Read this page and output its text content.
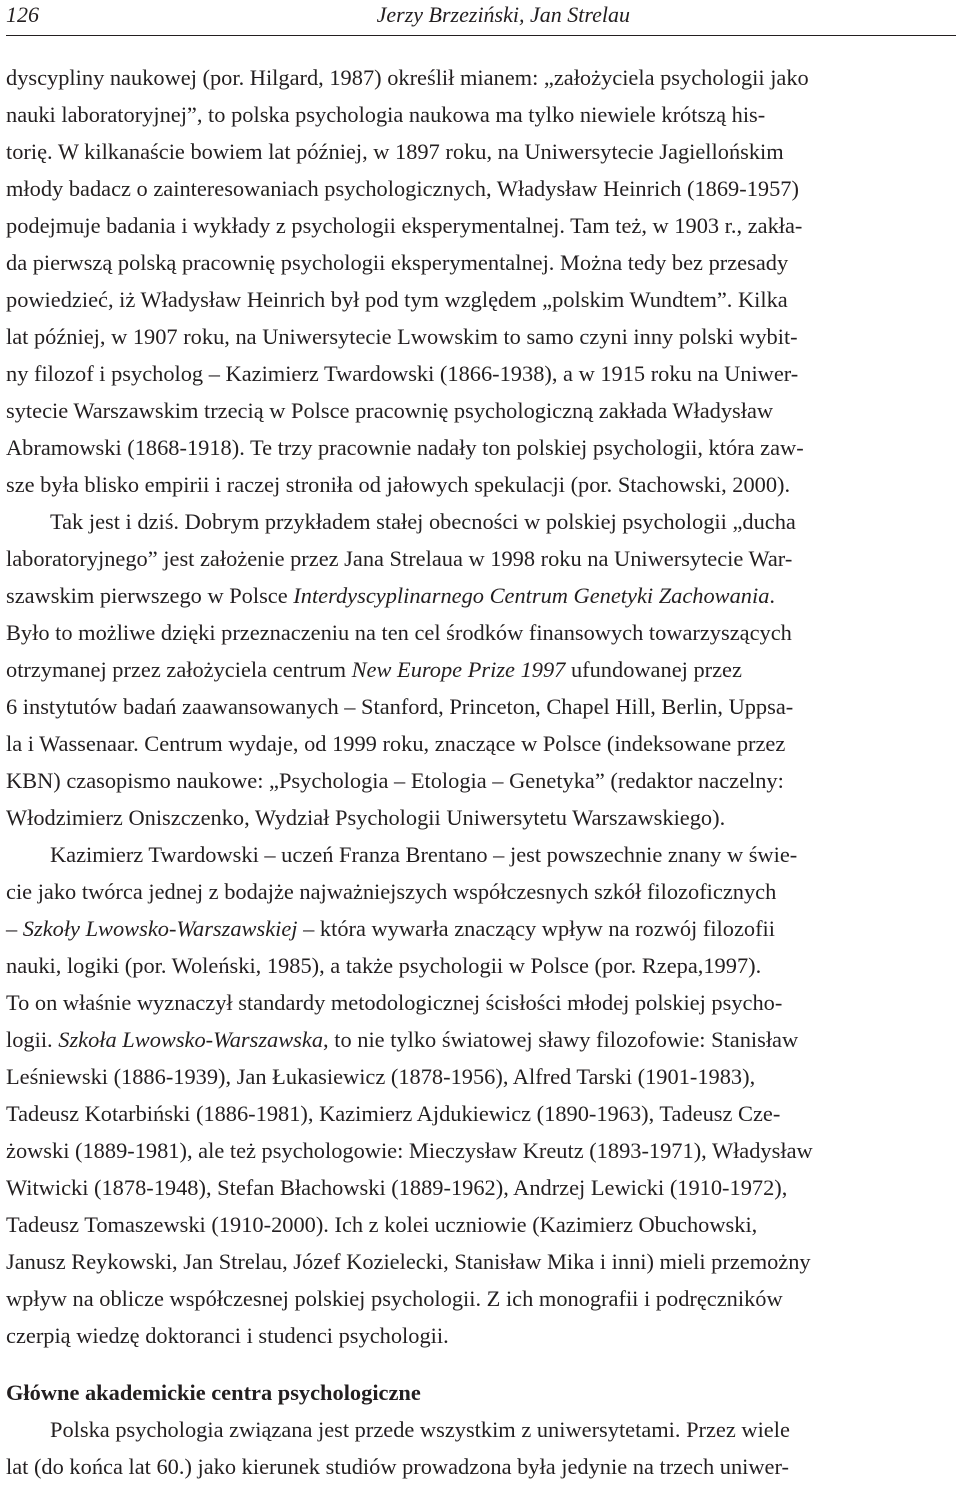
126	Jerzy Brzeziński, Jan Strelau
dyscypliny naukowej (por. Hilgard, 1987) określił mianem: „założyciela psychologii jako
nauki laboratoryjnej”, to polska psychologia naukowa ma tylko niewiele krótszą his-
torię. W kilkanaście bowiem lat później, w 1897 roku, na Uniwersytecie Jagiellońskim
młody badacz o zainteresowaniach psychologicznych, Władysław Heinrich (1869-1957)
podejmuje badania i wykłady z psychologii eksperymentalnej. Tam też, w 1903 r., zakła-
da pierwszą polską pracownię psychologii eksperymentalnej. Można tedy bez przesady
powiedzieć, iż Władysław Heinrich był pod tym względem „polskim Wundtem”. Kilka
lat później, w 1907 roku, na Uniwersytecie Lwowskim to samo czyni inny polski wybit-
ny filozof i psycholog – Kazimierz Twardowski (1866-1938), a w 1915 roku na Uniwer-
sytecie Warszawskim trzecią w Polsce pracownię psychologiczną zakłada Władysław
Abramowski (1868-1918). Te trzy pracownie nadały ton polskiej psychologii, która zaw-
sze była blisko empirii i raczej stroniła od jałowych spekulacji (por. Stachowski, 2000).
Tak jest i dziś. Dobrym przykładem stałej obecności w polskiej psychologii „ducha
laboratoryjnego” jest założenie przez Jana Strelaua w 1998 roku na Uniwersytecie War-
szawskim pierwszego w Polsce Interdyscyplinarnego Centrum Genetyki Zachowania.
Było to możliwe dzięki przeznaczeniu na ten cel środków finansowych towarzyszących
otrzymanej przez założyciela centrum New Europe Prize 1997 ufundowanej przez
6 instytutów badań zaawansowanych – Stanford, Princeton, Chapel Hill, Berlin, Uppsa-
la i Wassenaar. Centrum wydaje, od 1999 roku, znaczące w Polsce (indeksowane przez
KBN) czasopismo naukowe: „Psychologia – Etologia – Genetyka” (redaktor naczelny:
Włodzimierz Oniszczenko, Wydział Psychologii Uniwersytetu Warszawskiego).
Kazimierz Twardowski – uczeń Franza Brentano – jest powszechnie znany w świe-
cie jako twórca jednej z bodajże najważniejszych współczesnych szkół filozoficznych
– Szkoły Lwowsko-Warszawskiej – która wywarła znaczący wpływ na rozwój filozofii
nauki, logiki (por. Woleński, 1985), a także psychologii w Polsce (por. Rzepa,1997).
To on właśnie wyznaczył standardy metodologicznej ścisłości młodej polskiej psycho-
logii. Szkoła Lwowsko-Warszawska, to nie tylko światowej sławy filozofowie: Stanisław
Leśniewski (1886-1939), Jan Łukasiewicz (1878-1956), Alfred Tarski (1901-1983),
Tadeusz Kotarbiński (1886-1981), Kazimierz Ajdukiewicz (1890-1963), Tadeusz Cze-
żowski (1889-1981), ale też psychologowie: Mieczysław Kreutz (1893-1971), Władysław
Witwicki (1878-1948), Stefan Błachowski (1889-1962), Andrzej Lewicki (1910-1972),
Tadeusz Tomaszewski (1910-2000). Ich z kolei uczniowie (Kazimierz Obuchowski,
Janusz Reykowski, Jan Strelau, Józef Kozielecki, Stanisław Mika i inni) mieli przemożny
wpływ na oblicze współczesnej polskiej psychologii. Z ich monografii i podręczników
czerpią wiedzę doktoranci i studenci psychologii.
Główne akademickie centra psychologiczne
Polska psychologia związana jest przede wszystkim z uniwersytetami. Przez wiele
lat (do końca lat 60.) jako kierunek studiów prowadzona była jedynie na trzech uniwer-
